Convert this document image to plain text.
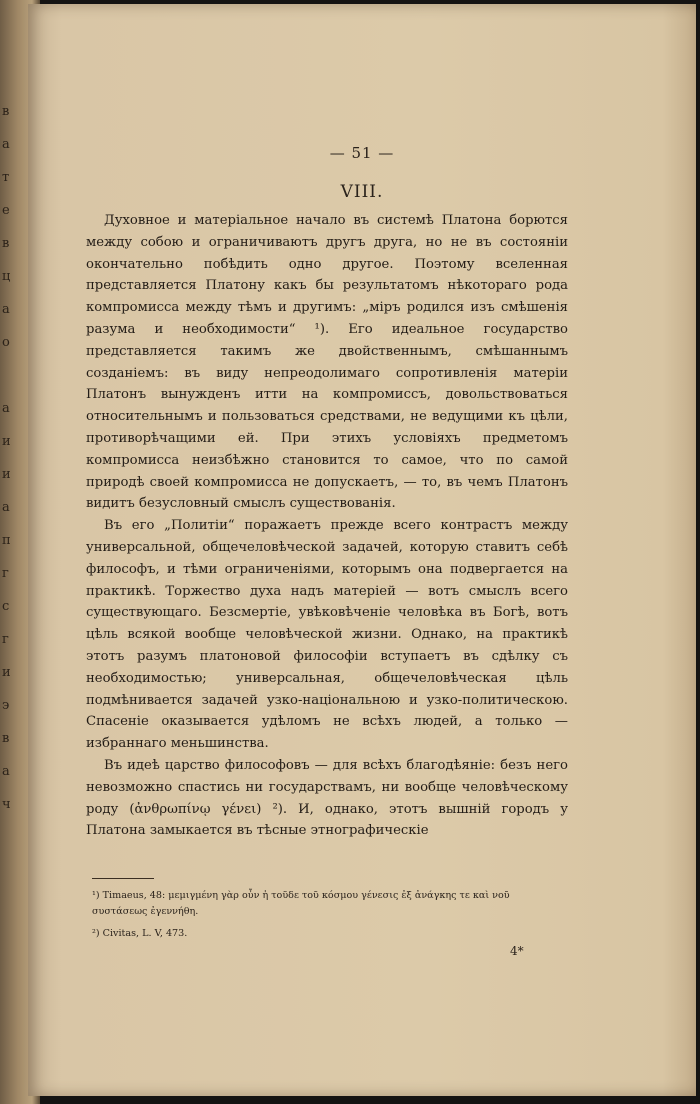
в
а
т
е
в
ц
а
о

а
и
и
а
п
г
с
г
и
э
в
а
ч
— 51 —
VIII.

Духовное и матеріальное начало въ системѣ Платона борются между собою и ограничиваютъ другъ друга, но не въ состояніи окончательно побѣдить одно другое. Поэтому вселенная представляется Платону какъ бы результатомъ нѣкотораго рода компромисса между тѣмъ и другимъ: „міръ родился изъ смѣшенія разума и необходимости“ ¹). Его идеальное государство представляется такимъ же двойственнымъ, смѣшаннымъ созданіемъ: въ виду непреодолимаго сопротивленія матеріи Платонъ вынужденъ итти на компромиссъ, довольствоваться относительнымъ и пользоваться средствами, не ведущими къ цѣли, противорѣчащими ей. При этихъ условіяхъ предметомъ компромисса неизбѣжно становится то самое, что по самой природѣ своей компромисса не допускаетъ, — то, въ чемъ Платонъ видитъ безусловный смыслъ существованія.

Въ его „Политіи“ поражаетъ прежде всего контрастъ между универсальной, общечеловѣческой задачей, которую ставитъ себѣ философъ, и тѣми ограниченіями, которымъ она подвергается на практикѣ. Торжество духа надъ матеріей — вотъ смыслъ всего существующаго. Безсмертіе, увѣковѣченіе человѣка въ Богѣ, вотъ цѣль всякой вообще человѣческой жизни. Однако, на практикѣ этотъ разумъ платоновой философіи вступаетъ въ сдѣлку съ необходимостью; универсальная, общечеловѣческая цѣль подмѣнивается задачей узко-національною и узко-политическою. Спасеніе оказывается удѣломъ не всѣхъ людей, а только — избраннаго меньшинства.

Въ идеѣ царство философовъ — для всѣхъ благодѣяніе: безъ него невозможно спастись ни государствамъ, ни вообще человѣческому роду (ἀνθρωπίνῳ γένει) ²). И, однако, этотъ вышній городъ у Платона замыкается въ тѣсные этнографическіе

¹) Timaeus, 48: μεμιγμένη γὰρ οὖν ἡ τοῦδε τοῦ κόσμου γένεσις ἐξ ἀνάγκης τε καὶ νοῦ συστάσεως ἐγεννήθη.
²) Civitas, L. V, 473.
4*
